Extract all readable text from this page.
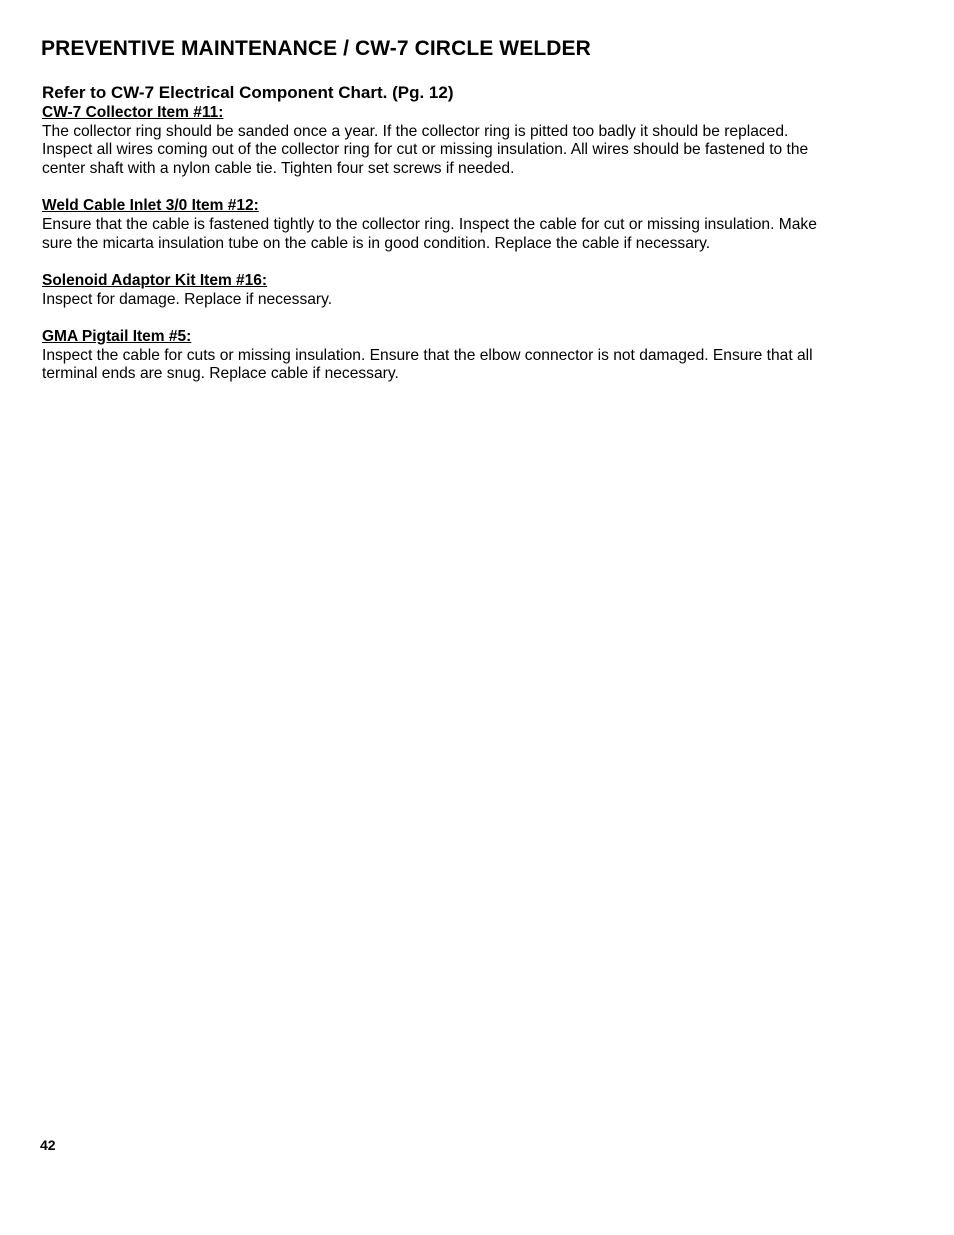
PREVENTIVE MAINTENANCE / CW-7 CIRCLE WELDER

Refer to CW-7 Electrical Component Chart. (Pg. 12)

CW-7 Collector Item #11:

The collector ring should be sanded once a year. If the collector ring is pitted too badly it should be replaced. Inspect all wires coming out of the collector ring for cut or missing insulation. All wires should be fastened to the center shaft with a nylon cable tie. Tighten four set screws if needed.

Weld Cable Inlet 3/0 Item #12:

Ensure that the cable is fastened tightly to the collector ring. Inspect the cable for cut or missing insulation. Make sure the micarta insulation tube on the cable is in good condition. Replace the cable if necessary.

Solenoid Adaptor Kit Item #16:

Inspect for damage. Replace if necessary.

GMA Pigtail Item #5:

Inspect the cable for cuts or missing insulation. Ensure that the elbow connector is not damaged. Ensure that all terminal ends are snug. Replace cable if necessary.

42
